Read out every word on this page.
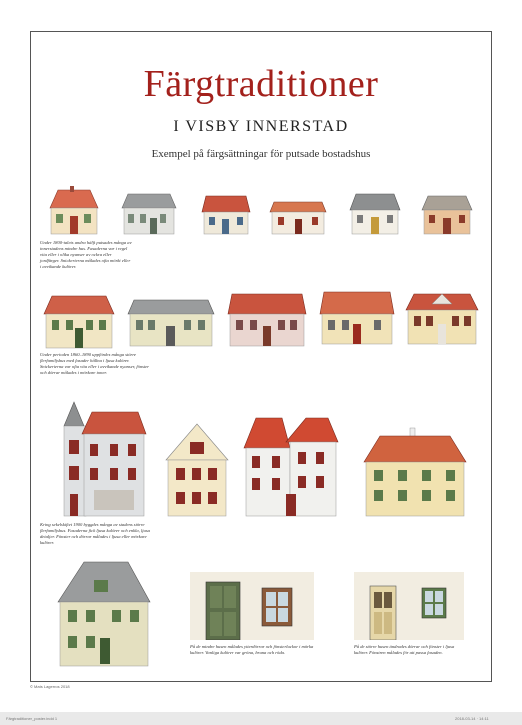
Färgtraditioner
I VISBY INNERSTAD
Exempel på färgsättningar för putsade bostadshus
Under 1800-talets andra hälft putsades många av innerstadens mindre hus. Fasaderna var i regel vita eller i olika nyanser av ockra eller jordfärger. Snickerierna målades ofta mörkt eller i avvikande kulörer.
Under perioden 1860–1890 uppfördes många större flerfamiljshus med fasader hållna i ljusa kulörer. Snickerierna var ofta vita eller i avvikande nyanser, fönster och dörrar målades i mörkare toner.
Kring sekelskiftet 1900 byggdes många av stadens större flerfamiljshus. Fasaderna fick ljusa kulörer och enkla, ljusa detaljer. Fönster och dörrar målades i ljusa eller mörkare kulörer.
På de mindre husen målades ytterdörrar och fönsterluckor i mörka kulörer. Vanliga kulörer var gröna, bruna och röda.
På de större husen ändrades dörrar och fönster i ljusa kulörer. Fönstren målades för att passa fasaden.
© Mats Lagerros 2018
Färgtraditioner_poster.indd 1	2018-03-14 · 14:11
